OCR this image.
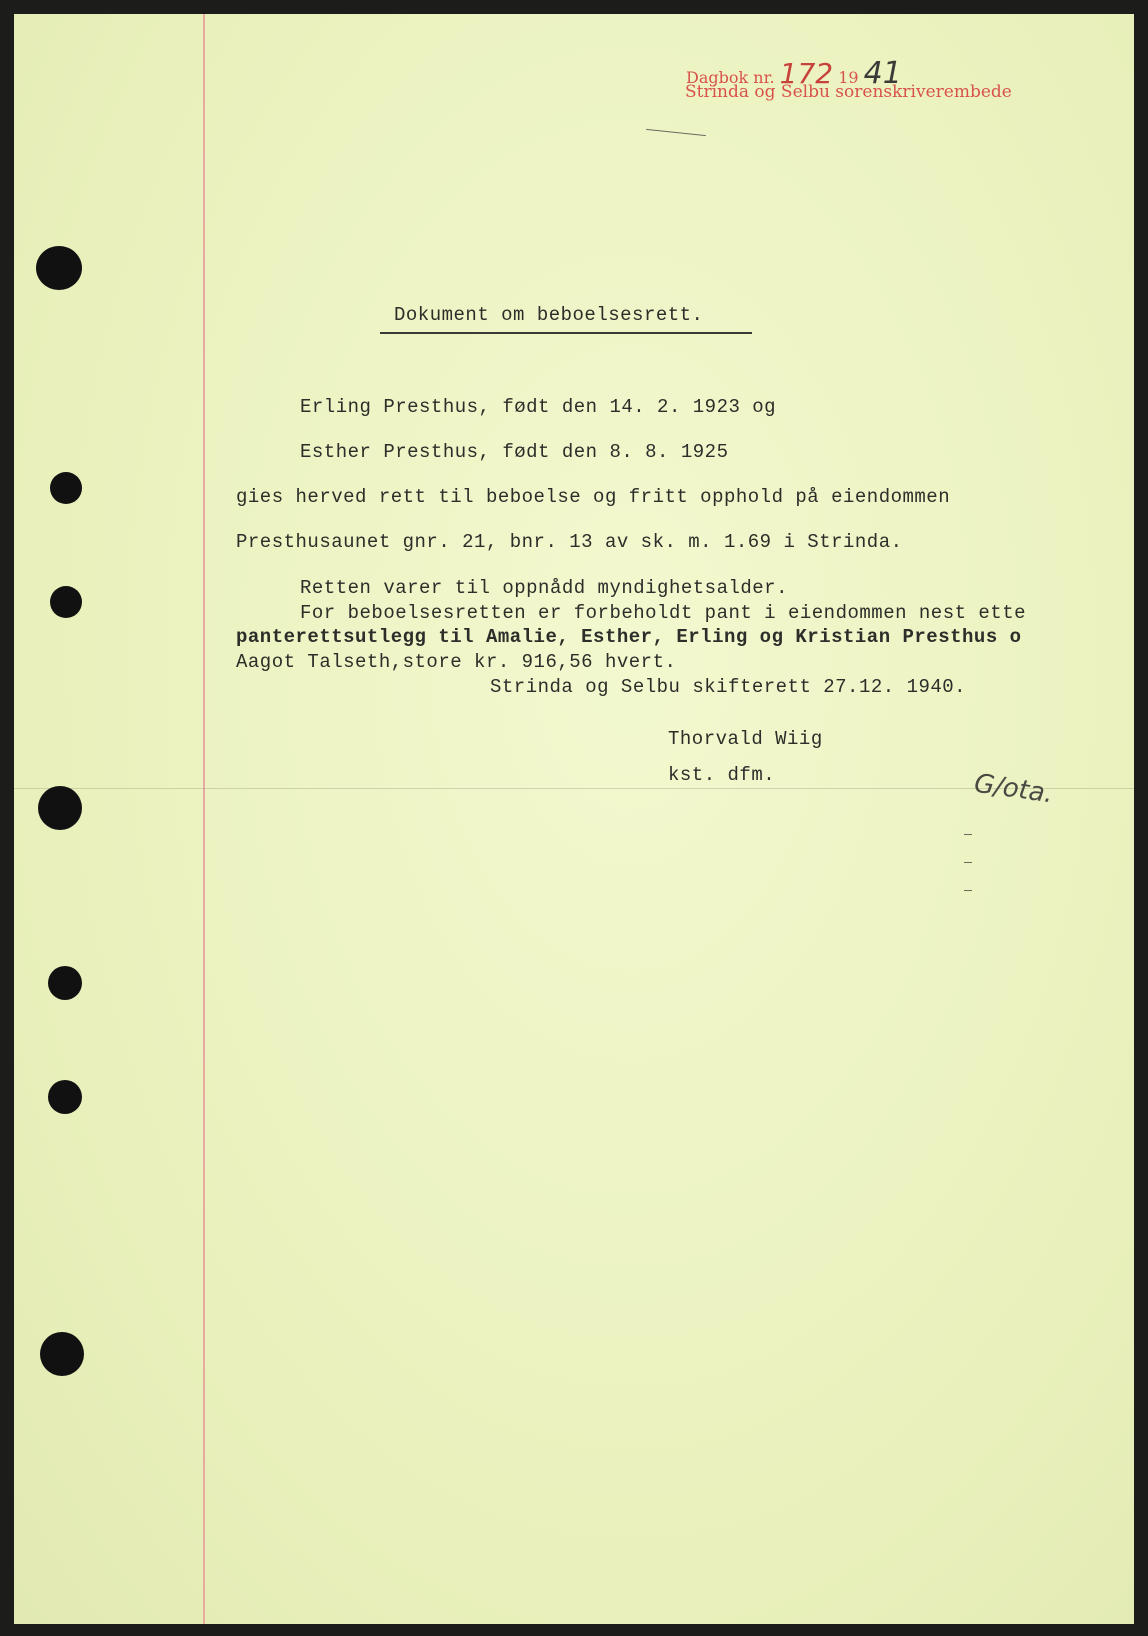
Dagbok nr. 172 19 41
Strinda og Selbu sorenskriverembede
Dokument om beboelsesrett.
Erling Presthus, født den 14. 2. 1923 og
Esther Presthus, født den 8. 8. 1925
gies herved rett til beboelse og fritt opphold på eiendommen
Presthusaunet gnr. 21, bnr. 13 av sk. m. 1.69 i Strinda.
Retten varer til oppnådd myndighetsalder.
For beboelsesretten er forbeholdt pant i eiendommen nest ette
panterettsutlegg til Amalie, Esther, Erling og Kristian Presthus o
Aagot Talseth,store kr. 916,56 hvert.
Strinda og Selbu skifterett 27.12. 1940.
Thorvald Wiig
kst. dfm.	G/ota.
